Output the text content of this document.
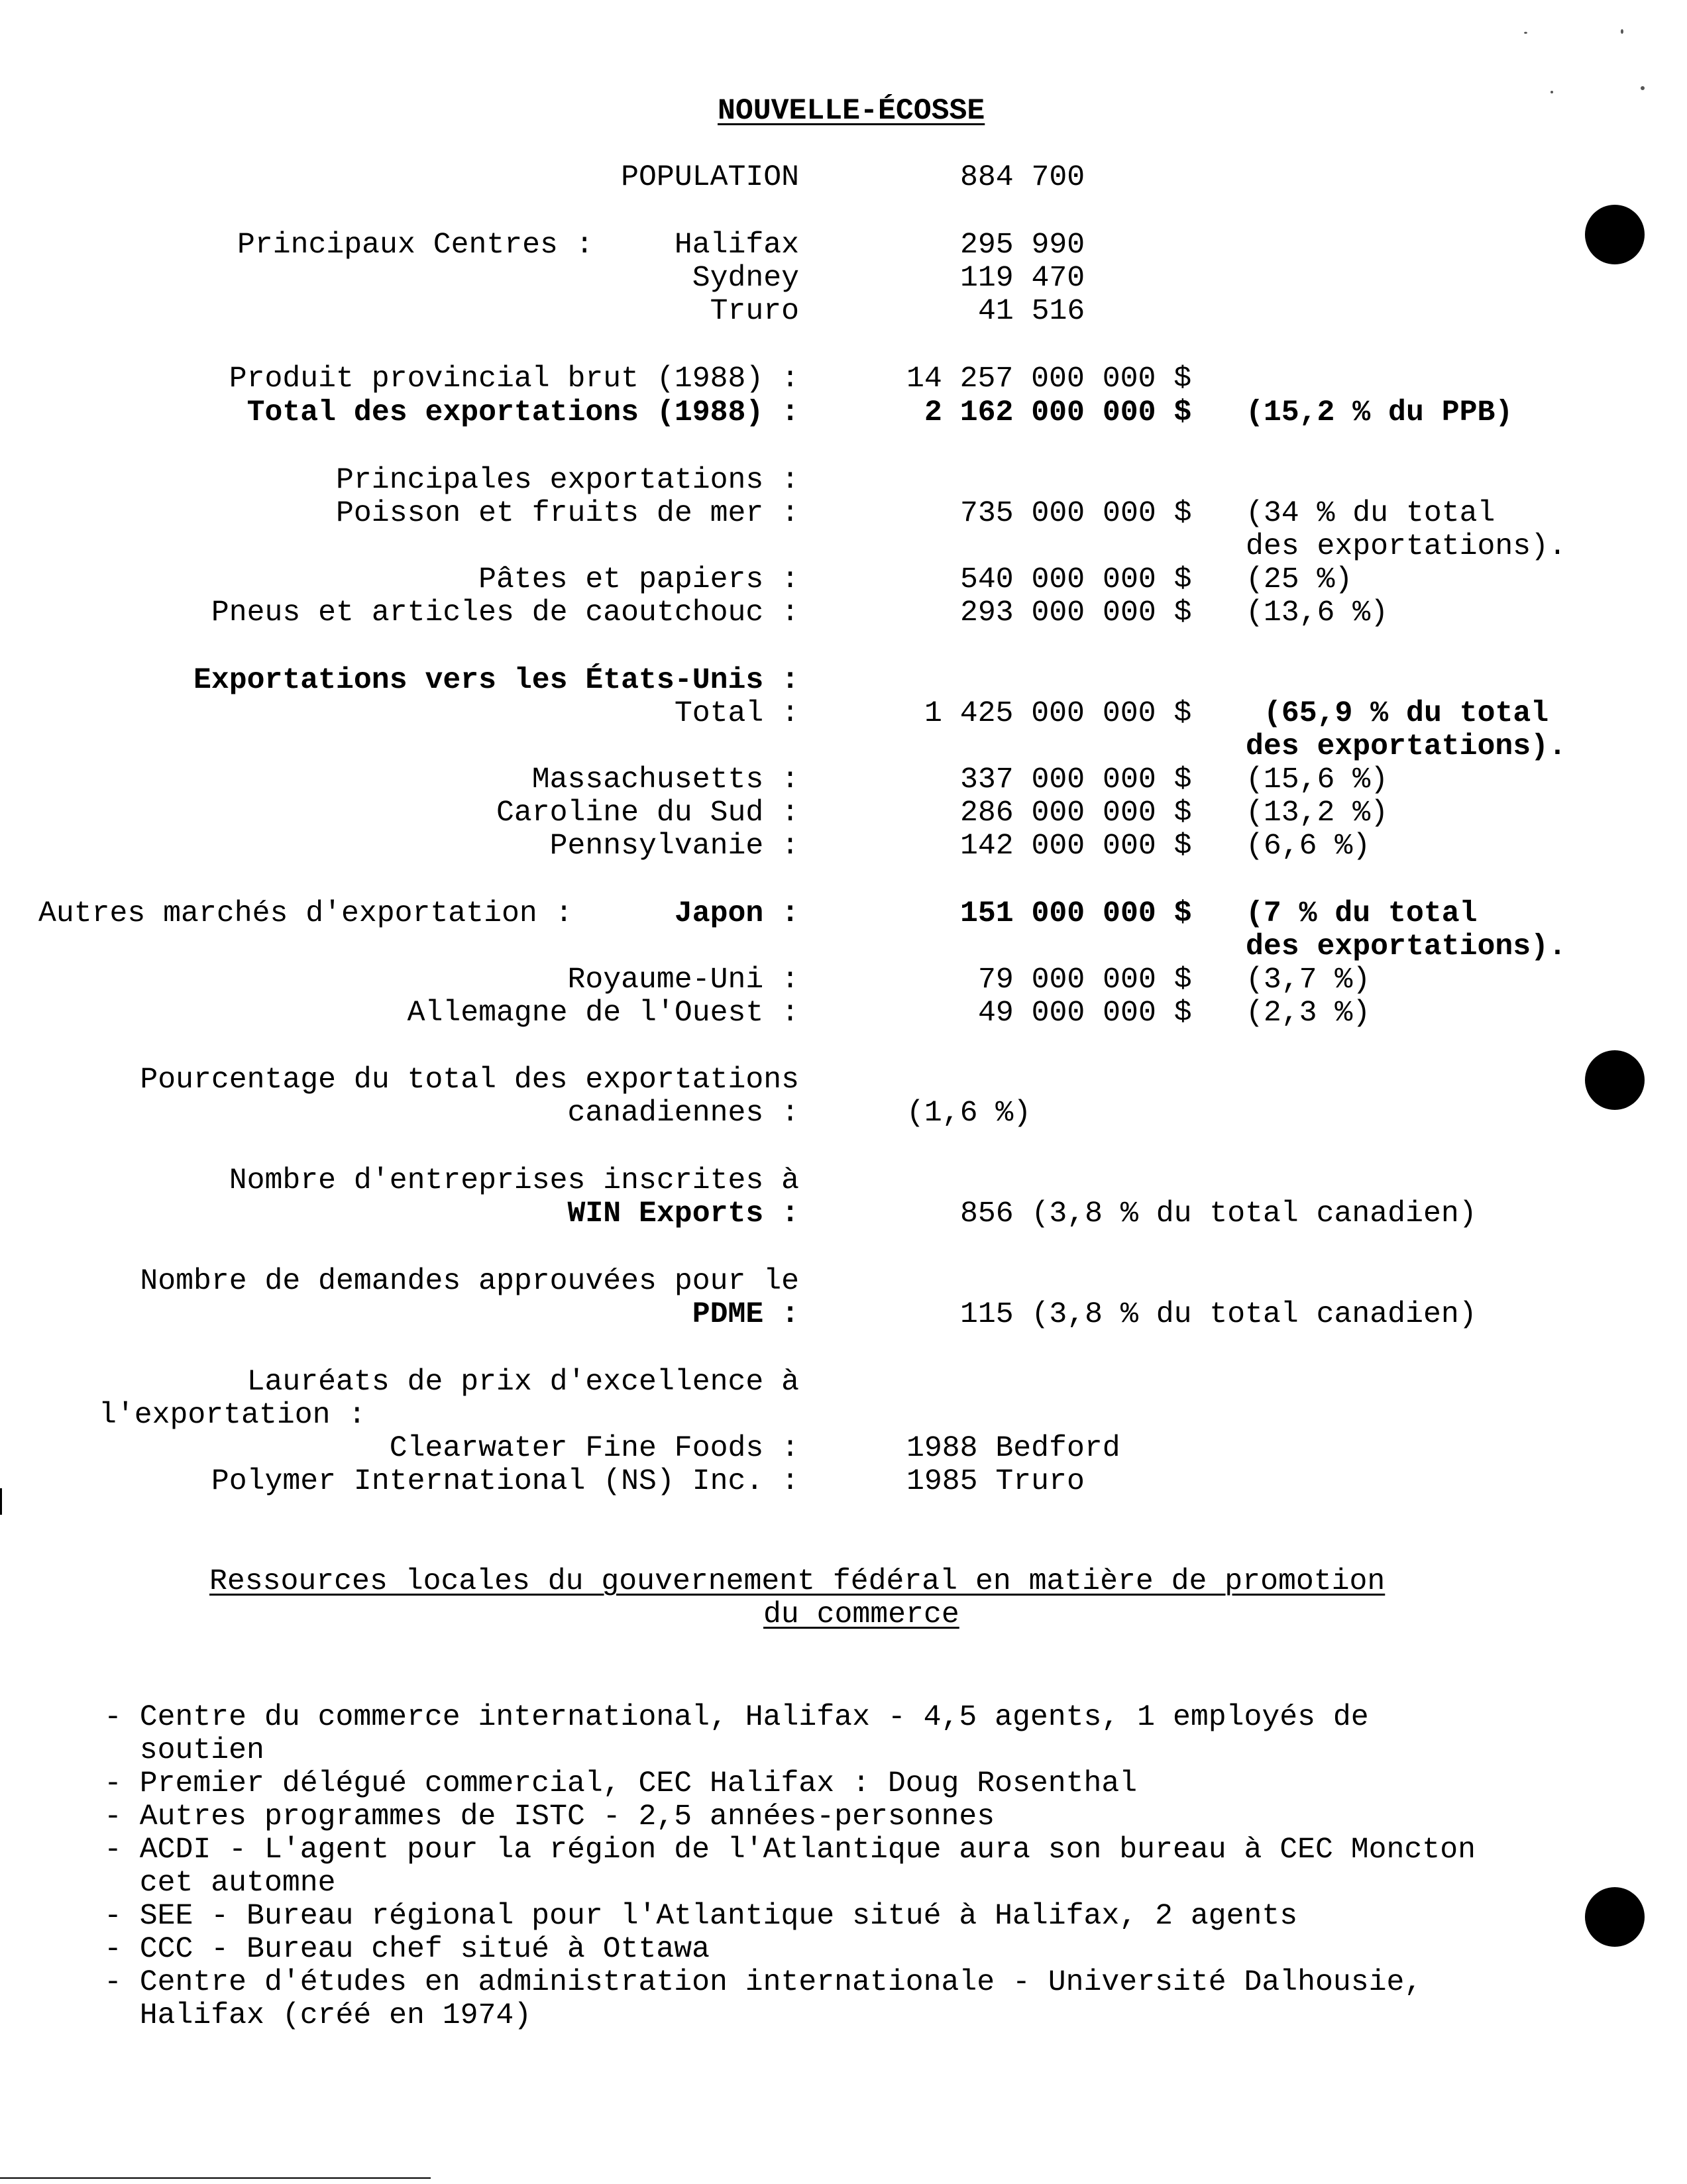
NOUVELLE-ÉCOSSE
POPULATION	884 700
Principaux Centres :	Halifax	295 990
Sydney	119 470
Truro	41 516
Produit provincial brut (1988) :	14 257 000 000 $
Total des exportations (1988) :	2 162 000 000 $ (15,2 % du PPB)
Principales exportations :
Poisson et fruits de mer :	735 000 000 $ (34 % du total
des exportations).
Pâtes et papiers :	540 000 000 $ (25 %)
Pneus et articles de caoutchouc :	293 000 000 $ (13,6 %)
Exportations vers les États-Unis :
Total :	1 425 000 000 $ (65,9 % du total
des exportations).
Massachusetts :	337 000 000 $ (15,6 %)
Caroline du Sud :	286 000 000 $ (13,2 %)
Pennsylvanie :	142 000 000 $ (6,6 %)
Autres marchés d'exportation :	Japon :	151 000 000 $ (7 % du total
des exportations).
Royaume-Uni :	79 000 000 $ (3,7 %)
Allemagne de l'Ouest :	49 000 000 $ (2,3 %)
Pourcentage du total des exportations
canadiennes :	(1,6 %)
Nombre d'entreprises inscrites à
WIN Exports :	856 (3,8 % du total canadien)
Nombre de demandes approuvées pour le
PDME :	115 (3,8 % du total canadien)
Lauréats de prix d'excellence à
l'exportation :
Clearwater Fine Foods :	1988 Bedford
Polymer International (NS) Inc. :	1985 Truro
Ressources locales du gouvernement fédéral en matière de promotion
du commerce
- Centre du commerce international, Halifax - 4,5 agents, 1 employés de
soutien
- Premier délégué commercial, CEC Halifax : Doug Rosenthal
- Autres programmes de ISTC - 2,5 années-personnes
- ACDI - L'agent pour la région de l'Atlantique aura son bureau à CEC Moncton
cet automne
- SEE - Bureau régional pour l'Atlantique situé à Halifax, 2 agents
- CCC - Bureau chef situé à Ottawa
- Centre d'études en administration internationale - Université Dalhousie,
Halifax (créé en 1974)
